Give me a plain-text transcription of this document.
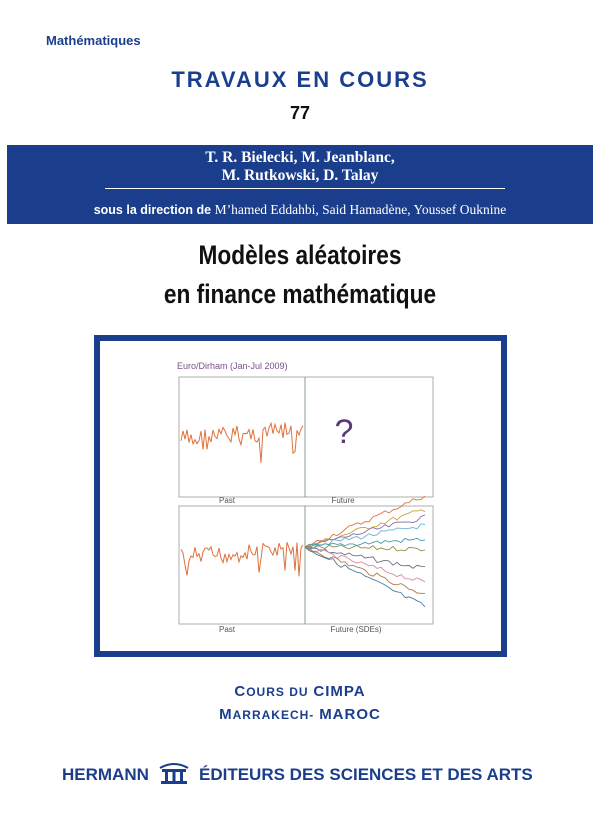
Mathématiques
TRAVAUX EN COURS
77
T. R. Bielecki, M. Jeanblanc,
M. Rutkowski, D. Talay
sous la direction de M’hamed Eddahbi, Said Hamadène, Youssef Ouknine
Modèles aléatoires
en finance mathématique
Euro/Dirham (Jan-Jul 2009)
?
Past	Future
Past	Future (SDEs)
COURS DU CIMPA
MARRAKECH- MAROC
HERMANN	ÉDITEURS DES SCIENCES ET DES ARTS
